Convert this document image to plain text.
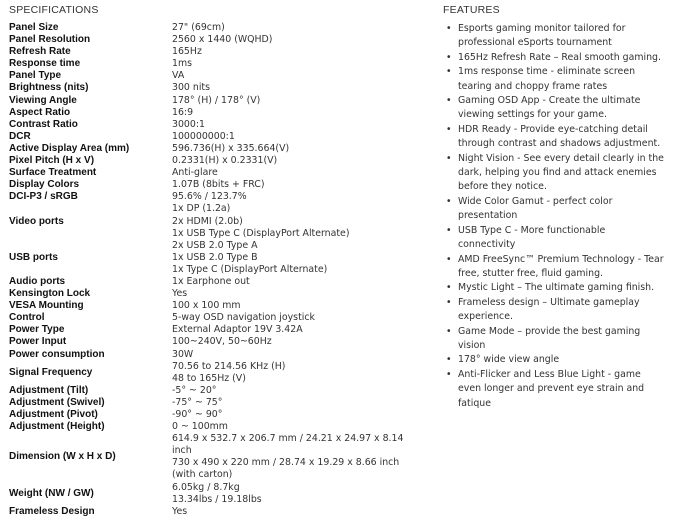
SPECIFICATIONS
Panel Size	27" (69cm)

Panel Resolution	2560 x 1440 (WQHD)

Refresh Rate	165Hz

Response time	1ms

Panel Type	VA

Brightness (nits)	300 nits

Viewing Angle	178° (H) / 178° (V)

Aspect Ratio	16:9

Contrast Ratio	3000:1

DCR	100000000:1

Active Display Area (mm)	596.736(H) x 335.664(V)

Pixel Pitch (H x V)	0.2331(H) x 0.2331(V)

Surface Treatment	Anti-glare

Display Colors	1.07B (8bits + FRC)

DCI-P3 / sRGB	95.6% / 123.7%

Video ports	1x DP (1.2a)
2x HDMI (2.0b)
1x USB Type C (DisplayPort Alternate)

USB ports	2x USB 2.0 Type A
1x USB 2.0 Type B
1x Type C (DisplayPort Alternate)

Audio ports	1x Earphone out

Kensington Lock	Yes

VESA Mounting	100 x 100 mm

Control	5-way OSD navigation joystick

Power Type	External Adaptor 19V 3.42A

Power Input	100~240V, 50~60Hz

Power consumption	30W

Signal Frequency	70.56 to 214.56 KHz (H)
48 to 165Hz (V)

Adjustment (Tilt)	-5° ~ 20°

Adjustment (Swivel)	-75° ~ 75°

Adjustment (Pivot)	-90° ~ 90°

Adjustment (Height)	0 ~ 100mm

Dimension (W x H x D)	614.9 x 532.7 x 206.7 mm / 24.21 x 24.97 x 8.14 inch
730 x 490 x 220 mm / 28.74 x 19.29 x 8.66 inch (with carton)

Weight (NW / GW)	6.05kg / 8.7kg
13.34lbs / 19.18lbs

Frameless Design	Yes
FEATURES
• Esports gaming monitor tailored for professional eSports tournament
• 165Hz Refresh Rate – Real smooth gaming.
• 1ms response time - eliminate screen tearing and choppy frame rates
• Gaming OSD App - Create the ultimate viewing settings for your game.
• HDR Ready - Provide eye-catching detail through contrast and shadows adjustment.
• Night Vision - See every detail clearly in the dark, helping you find and attack enemies before they notice.
• Wide Color Gamut - perfect color presentation
• USB Type C - More functionable connectivity
• AMD FreeSync™ Premium Technology - Tear free, stutter free, fluid gaming.
• Mystic Light – The ultimate gaming finish.
• Frameless design – Ultimate gameplay experience.
• Game Mode – provide the best gaming vision
• 178° wide view angle
• Anti-Flicker and Less Blue Light - game even longer and prevent eye strain and fatique
